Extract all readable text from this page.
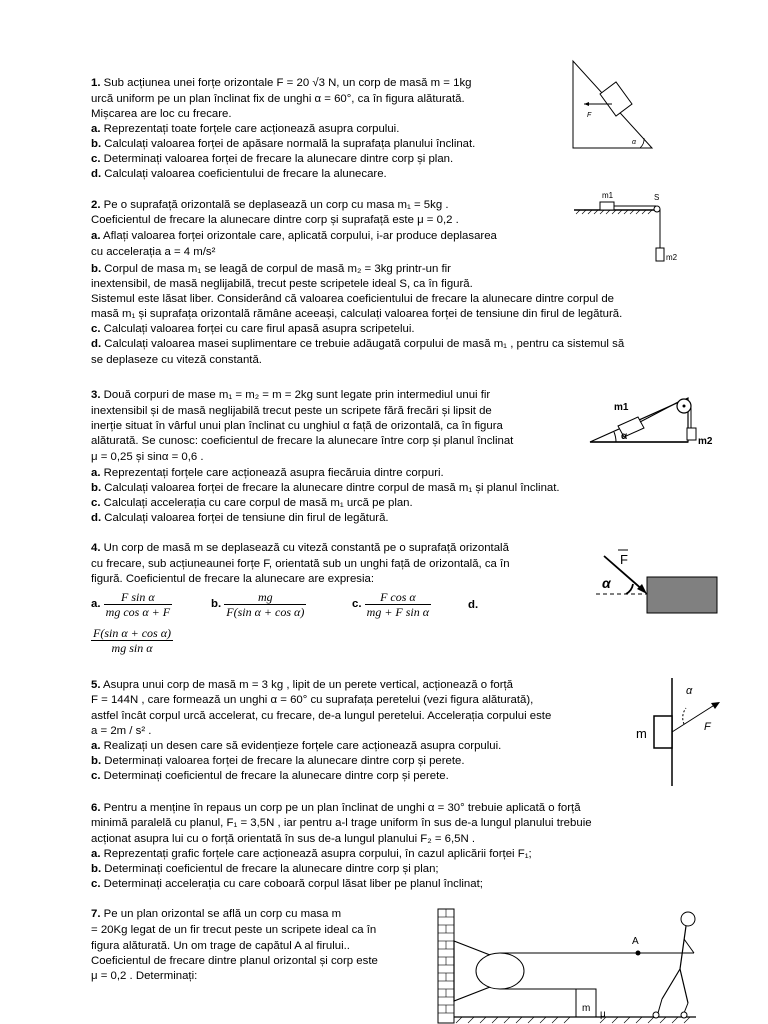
1. Sub acțiunea unei forțe orizontale F = 20 √3 N, un corp de masă m = 1kg
urcă uniform pe un plan înclinat fix de unghi α = 60°, ca în figura alăturată.
Mișcarea are loc cu frecare.
a. Reprezentați toate forțele care acționează asupra corpului.
b. Calculați valoarea forței de apăsare normală la suprafața planului înclinat.
c. Determinați valoarea forței de frecare la alunecare dintre corp și plan.
d. Calculați valoarea coeficientului de frecare la alunecare.
F
α
2. Pe o suprafață orizontală se deplasează un corp cu masa m₁ = 5kg .
Coeficientul de frecare la alunecare dintre corp și suprafață este μ = 0,2 .
a. Aflați valoarea forței orizontale care, aplicată corpului, i-ar produce deplasarea
cu accelerația a = 4 m/s²
b. Corpul de masa m₁ se leagă de corpul de masă m₂ = 3kg printr-un fir
inextensibil, de masă neglijabilă, trecut peste scripetele ideal S, ca în figură.
Sistemul este lăsat liber. Considerând că valoarea coeficientului de frecare la alunecare dintre corpul de
masă m₁ și suprafața orizontală rămâne aceeași, calculați valoarea forței de tensiune din firul de legătură.
c. Calculați valoarea forței cu care firul apasă asupra scripetelui.
d. Calculați valoarea masei suplimentare ce trebuie adăugată corpului de masă m₁ , pentru ca sistemul să
se deplaseze cu viteză constantă.
m1	S
m2
3. Două corpuri de mase m₁ = m₂ = m = 2kg sunt legate prin intermediul unui fir
inextensibil și de masă neglijabilă trecut peste un scripete fără frecări și lipsit de
inerție situat în vârful unui plan înclinat cu unghiul α față de orizontală, ca în figura
alăturată. Se cunosc: coeficientul de frecare la alunecare între corp și planul înclinat
μ = 0,25 și sinα = 0,6 .
a. Reprezentați forțele care acționează asupra fiecăruia dintre corpuri.
b. Calculați valoarea forței de frecare la alunecare dintre corpul de masă m₁ și planul înclinat.
c. Calculați accelerația cu care corpul de masă m₁ urcă pe plan.
d. Calculați valoarea forței de tensiune din firul de legătură.
m1
m2
α
4. Un corp de masă m se deplasează cu viteză constantă pe o suprafață orizontală
cu frecare, sub acțiuneaunei forțe F, orientată sub un unghi față de orizontală, ca în
figură. Coeficientul de frecare la alunecare are expresia:
a. $\frac{\text{F sin α}}{\text{mg cos α + F}}$	b. $\frac{mg}{\text{F(sin α + cos α)}}$	c. $\frac{\text{F cos α}}{\text{mg + F sin α}}$	d.
$\frac{\text{F(sin α + cos α)}}{\text{mg sin α}}$
F
α
5. Asupra unui corp de masă m = 3 kg , lipit de un perete vertical, acționează o forță
F = 144N , care formează un unghi α = 60° cu suprafața peretelui (vezi figura alăturată),
astfel încât corpul urcă accelerat, cu frecare, de-a lungul peretelui. Accelerația corpului este
a = 2m / s² .
a. Realizați un desen care să evidențieze forțele care acționează asupra corpului.
b. Determinați valoarea forței de frecare la alunecare dintre corp și perete.
c. Determinați coeficientul de frecare la alunecare dintre corp și perete.
m
α
F
6. Pentru a menține în repaus un corp pe un plan înclinat de unghi α = 30° trebuie aplicată o forță
minimă paralelă cu planul, F₁ = 3,5N , iar pentru a-l trage uniform în sus de-a lungul planului trebuie
acționat asupra lui cu o forță orientată în sus de-a lungul planului F₂ = 6,5N .
a. Reprezentați grafic forțele care acționează asupra corpului, în cazul aplicării forței F₁;
b. Determinați coeficientul de frecare la alunecare dintre corp și plan;
c. Determinați accelerația cu care coboară corpul lăsat liber pe planul înclinat;
7. Pe un plan orizontal se află un corp cu masa m
= 20Kg legat de un fir trecut peste un scripete ideal ca în
figura alăturată. Un om trage de capătul A al firului..
Coeficientul de frecare dintre planul orizontal și corp este
μ = 0,2 . Determinați:
A
m
μ
